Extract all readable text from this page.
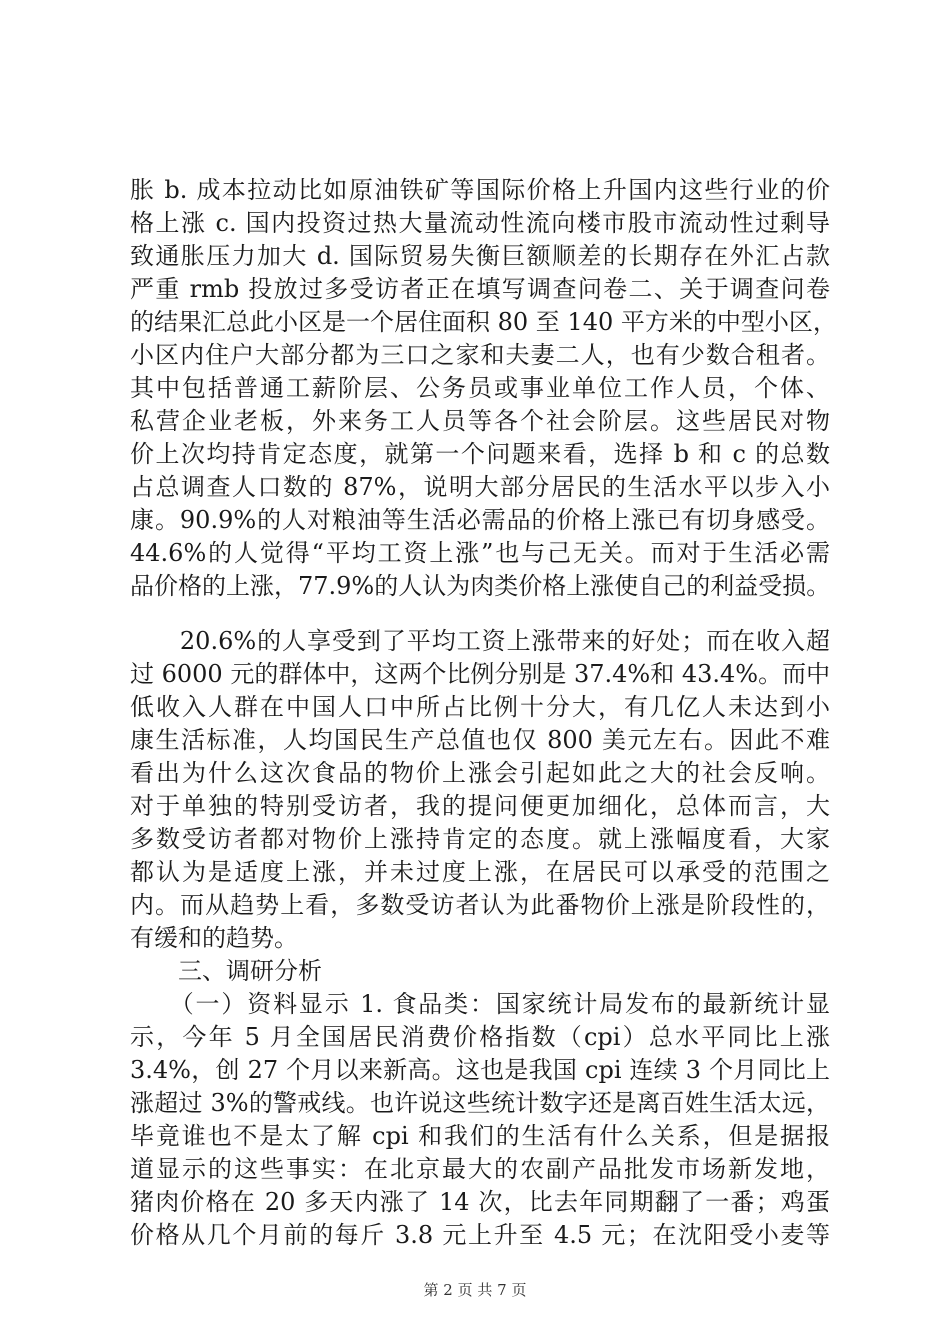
胀 b. 成本拉动比如原油铁矿等国际价格上升国内这些行业的价
格上涨 c. 国内投资过热大量流动性流向楼市股市流动性过剩导
致通胀压力加大 d. 国际贸易失衡巨额顺差的长期存在外汇占款
严重 rmb 投放过多受访者正在填写调查问卷二、关于调查问卷
的结果汇总此小区是一个居住面积 80 至 140 平方米的中型小区，
小区内住户大部分都为三口之家和夫妻二人，也有少数合租者。
其中包括普通工薪阶层、公务员或事业单位工作人员，个体、
私营企业老板，外来务工人员等各个社会阶层。这些居民对物
价上次均持肯定态度，就第一个问题来看，选择 b 和 c 的总数
占总调查人口数的 87%，说明大部分居民的生活水平以步入小
康。90.9%的人对粮油等生活必需品的价格上涨已有切身感受。
44.6%的人觉得“平均工资上涨”也与己无关。而对于生活必需
品价格的上涨，77.9%的人认为肉类价格上涨使自己的利益受损。
　　20.6%的人享受到了平均工资上涨带来的好处；而在收入超
过 6000 元的群体中，这两个比例分别是 37.4%和 43.4%。而中
低收入人群在中国人口中所占比例十分大，有几亿人未达到小
康生活标准，人均国民生产总值也仅 800 美元左右。因此不难
看出为什么这次食品的物价上涨会引起如此之大的社会反响。
对于单独的特别受访者，我的提问便更加细化，总体而言，大
多数受访者都对物价上涨持肯定的态度。就上涨幅度看，大家
都认为是适度上涨，并未过度上涨，在居民可以承受的范围之
内。而从趋势上看，多数受访者认为此番物价上涨是阶段性的，
有缓和的趋势。
　　三、调研分析
　　（一）资料显示 1. 食品类：国家统计局发布的最新统计显
示，今年 5 月全国居民消费价格指数（cpi）总水平同比上涨
3.4%，创 27 个月以来新高。这也是我国 cpi 连续 3 个月同比上
涨超过 3%的警戒线。也许说这些统计数字还是离百姓生活太远，
毕竟谁也不是太了解 cpi 和我们的生活有什么关系，但是据报
道显示的这些事实：在北京最大的农副产品批发市场新发地，
猪肉价格在 20 多天内涨了 14 次，比去年同期翻了一番；鸡蛋
价格从几个月前的每斤 3.8 元上升至 4.5 元；在沈阳受小麦等
第 2 页 共 7 页
